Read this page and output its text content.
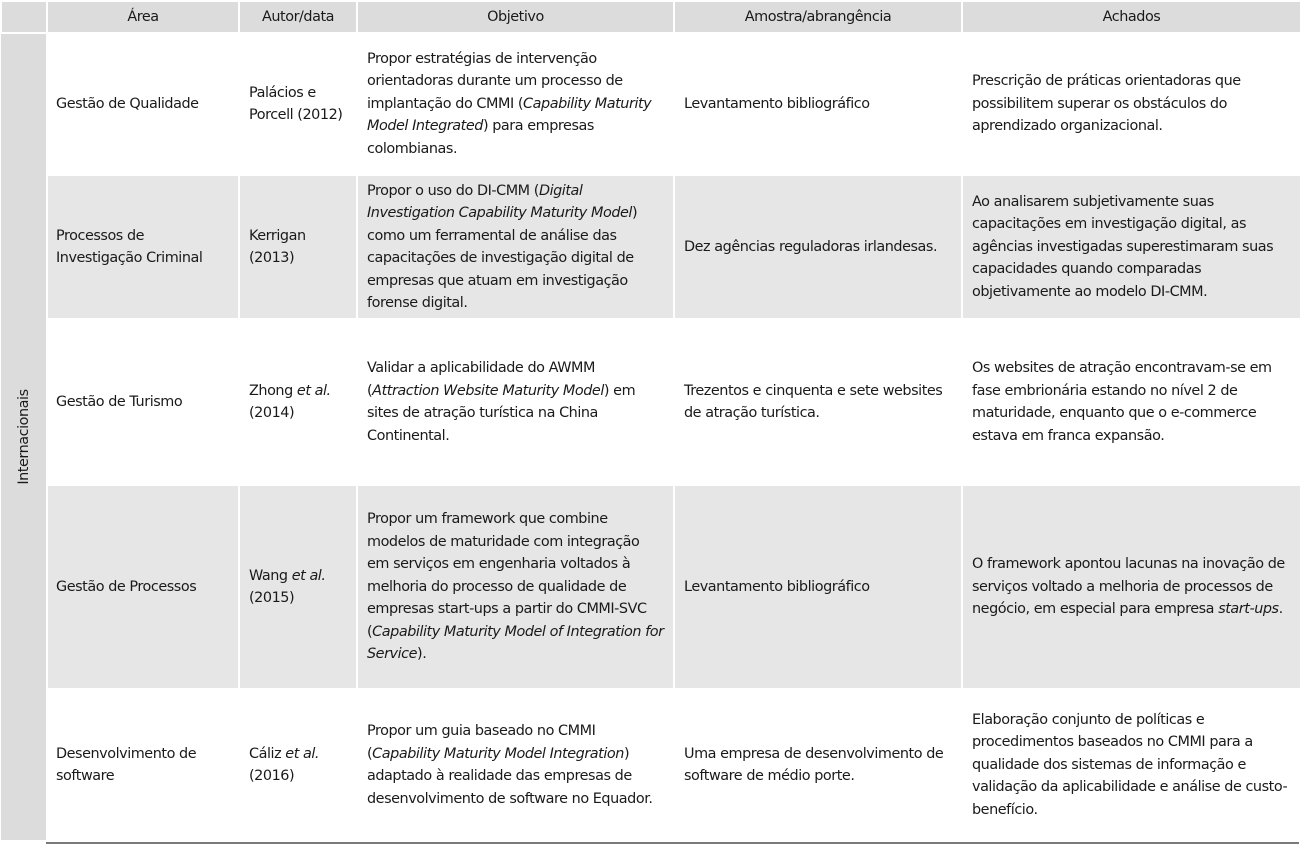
	Área	Autor/data	Objetivo	Amostra/abrangência	Achados

Internacionais	Gestão de Qualidade	Palácios e Porcell (2012)	Propor estratégias de intervenção orientadoras durante um processo de implantação do CMMI (Capability Maturity Model Integrated) para empresas colombianas.	Levantamento bibliográfico	Prescrição de práticas orientadoras que possibilitem superar os obstáculos do aprendizado organizacional.
	Processos de Investigação Criminal	Kerrigan (2013)	Propor o uso do DI-CMM (Digital Investigation Capability Maturity Model) como um ferramental de análise das capacitações de investigação digital de empresas que atuam em investigação forense digital.	Dez agências reguladoras irlandesas.	Ao analisarem subjetivamente suas capacitações em investigação digital, as agências investigadas superestimaram suas capacidades quando comparadas objetivamente ao modelo DI-CMM.
	Gestão de Turismo	Zhong et al. (2014)	Validar a aplicabilidade do AWMM (Attraction Website Maturity Model) em sites de atração turística na China Continental.	Trezentos e cinquenta e sete websites de atração turística.	Os websites de atração encontravam-se em fase embrionária estando no nível 2 de maturidade, enquanto que o e-commerce estava em franca expansão.
	Gestão de Processos	Wang et al. (2015)	Propor um framework que combine modelos de maturidade com integração em serviços em engenharia voltados à melhoria do processo de qualidade de empresas start-ups a partir do CMMI-SVC (Capability Maturity Model of Integration for Service).	Levantamento bibliográfico	O framework apontou lacunas na inovação de serviços voltado a melhoria de processos de negócio, em especial para empresa start-ups.
	Desenvolvimento de software	Cáliz et al. (2016)	Propor um guia baseado no CMMI (Capability Maturity Model Integration) adaptado à realidade das empresas de desenvolvimento de software no Equador.	Uma empresa de desenvolvimento de software de médio porte.	Elaboração conjunto de políticas e procedimentos baseados no CMMI para a qualidade dos sistemas de informação e validação da aplicabilidade e análise de custo-benefício.
